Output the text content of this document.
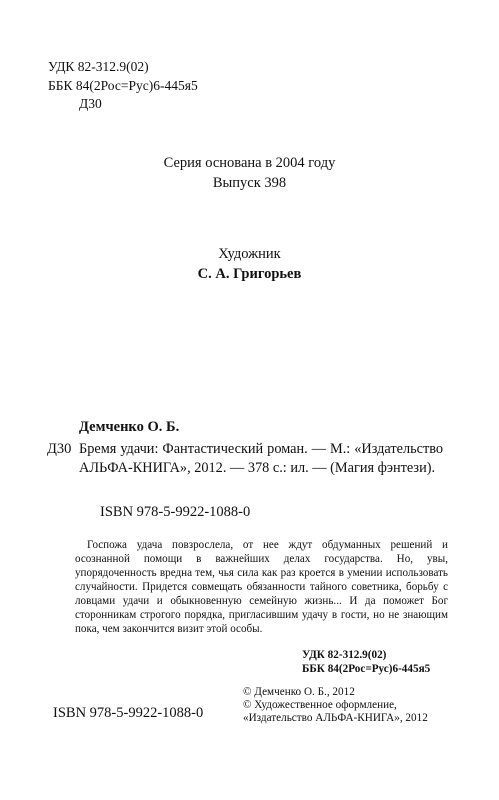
УДК 82-312.9(02)
ББК 84(2Рос=Рус)6-445я5
Д30
Серия основана в 2004 году
Выпуск 398
Художник
С. А. Григорьев
Демченко О. Б.
Д30 Бремя удачи: Фантастический роман. — М.: «Издательство АЛЬФА-КНИГА», 2012. — 378 с.: ил. — (Магия фэнтези).
ISBN 978-5-9922-1088-0
Госпожа удача повзрослела, от нее ждут обдуманных решений и осознанной помощи в важнейших делах государства. Но, увы, упорядоченность вредна тем, чья сила как раз кроется в умении использовать случайности. Придется совмещать обязанности тайного советника, борьбу с ловцами удачи и обыкновенную семейную жизнь... И да поможет Бог сторонникам строгого порядка, пригласившим удачу в гости, но не знающим пока, чем закончится визит этой особы.
УДК 82-312.9(02)
ББК 84(2Рос=Рус)6-445я5
ISBN 978-5-9922-1088-0
© Демченко О. Б., 2012
© Художественное оформление,
«Издательство АЛЬФА-КНИГА», 2012
